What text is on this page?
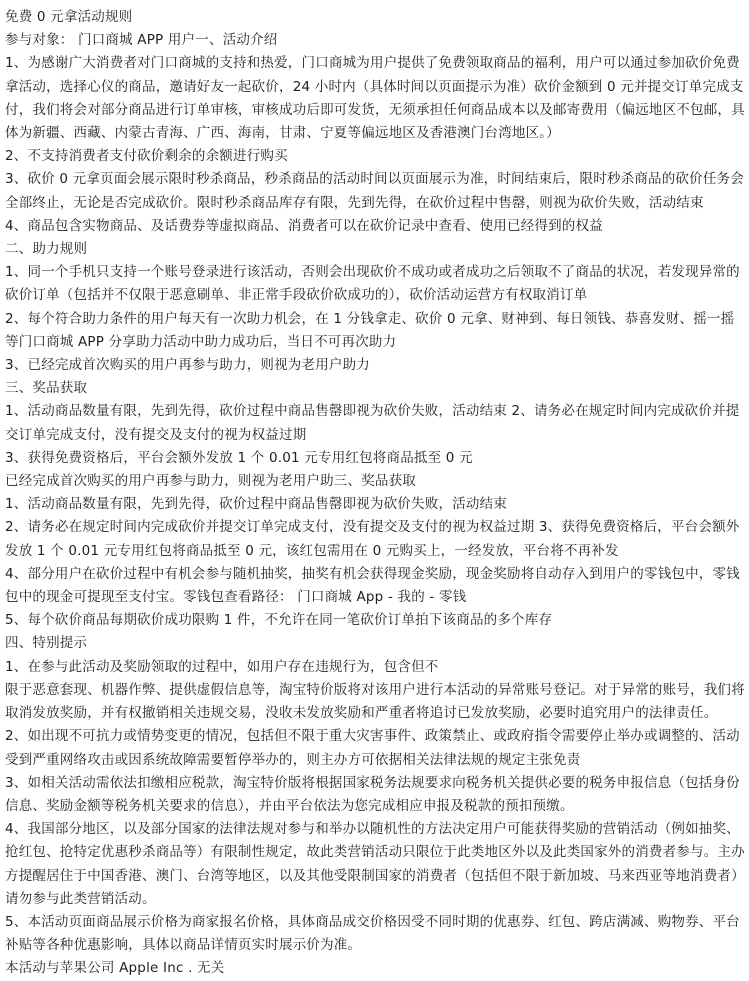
免费 0 元拿活动规则

参与对象： 门口商城 APP 用户一、活动介绍

1、为感谢广大消费者对门口商城的支持和热爱，门口商城为用户提供了免费领取商品的福利，用户可以通过参加砍价免费拿活动，选择心仪的商品，邀请好友一起砍价，24 小时内（具体时间以页面提示为准）砍价金额到 0 元并提交订单完成支付，我们将会对部分商品进行订单审核，审核成功后即可发货，无须承担任何商品成本以及邮寄费用（偏远地区不包邮，具体为新疆、西藏、内蒙古青海、广西、海南，甘肃、宁夏等偏远地区及香港澳门台湾地区。）

2、不支持消费者支付砍价剩余的余额进行购买

3、砍价 0 元拿页面会展示限时秒杀商品，秒杀商品的活动时间以页面展示为准，时间结束后，限时秒杀商品的砍价任务会全部终止，无论是否完成砍价。限时秒杀商品库存有限，先到先得，在砍价过程中售罄，则视为砍价失败，活动结束

4、商品包含实物商品、及话费券等虚拟商品、消费者可以在砍价记录中查看、使用已经得到的权益

二、助力规则

1、同一个手机只支持一个账号登录进行该活动，否则会出现砍价不成功或者成功之后领取不了商品的状况，若发现异常的砍价订单（包括并不仅限于恶意刷单、非正常手段砍价砍成功的），砍价活动运营方有权取消订单

2、每个符合助力条件的用户每天有一次助力机会，在 1 分钱拿走、砍价 0 元拿、财神到、每日领钱、恭喜发财、摇一摇等门口商城 APP 分享助力活动中助力成功后，当日不可再次助力

3、已经完成首次购买的用户再参与助力，则视为老用户助力

三、奖品获取

1、活动商品数量有限，先到先得，砍价过程中商品售罄即视为砍价失败，活动结束 2、请务必在规定时间内完成砍价并提交订单完成支付，没有提交及支付的视为权益过期

3、获得免费资格后，平台会额外发放 1 个 0.01 元专用红包将商品抵至 0 元

已经完成首次购买的用户再参与助力，则视为老用户助三、奖品获取

1、活动商品数量有限，先到先得，砍价过程中商品售罄即视为砍价失败，活动结束

2、请务必在规定时间内完成砍价并提交订单完成支付，没有提交及支付的视为权益过期 3、获得免费资格后，平台会额外发放 1 个 0.01 元专用红包将商品抵至 0 元，该红包需用在 0 元购买上，一经发放，平台将不再补发

4、部分用户在砍价过程中有机会参与随机抽奖，抽奖有机会获得现金奖励，现金奖励将自动存入到用户的零钱包中，零钱包中的现金可提现至支付宝。零钱包查看路径： 门口商城 App - 我的 - 零钱

5、每个砍价商品每期砍价成功限购 1 件，不允许在同一笔砍价订单拍下该商品的多个库存

四、特别提示

1、在参与此活动及奖励领取的过程中，如用户存在违规行为，包含但不

限于恶意套现、机器作弊、提供虚假信息等，淘宝特价版将对该用户进行本活动的异常账号登记。对于异常的账号，我们将取消发放奖励，并有权撤销相关违规交易，没收未发放奖励和严重者将追讨已发放奖励，必要时追究用户的法律责任。

2、如出现不可抗力或情势变更的情况，包括但不限于重大灾害事件、政策禁止、或政府指令需要停止举办或调整的、活动受到严重网络攻击或因系统故障需要暂停举办的，则主办方可依据相关法律法规的规定主张免责

3、如相关活动需依法扣缴相应税款，淘宝特价版将根据国家税务法规要求向税务机关提供必要的税务申报信息（包括身份信息、奖励金额等税务机关要求的信息），并由平台依法为您完成相应申报及税款的预扣预缴。

4、我国部分地区，以及部分国家的法律法规对参与和举办以随机性的方法决定用户可能获得奖励的营销活动（例如抽奖、抢红包、抢特定优惠秒杀商品等）有限制性规定，故此类营销活动只限位于此类地区外以及此类国家外的消费者参与。主办方提醒居住于中国香港、澳门、台湾等地区，以及其他受限制国家的消费者（包括但不限于新加坡、马来西亚等地消费者）请勿参与此类营销活动。

5、本活动页面商品展示价格为商家报名价格，具体商品成交价格因受不同时期的优惠券、红包、跨店满减、购物券、平台补贴等各种优惠影响，具体以商品详情页实时展示价为准。

本活动与苹果公司 Apple Inc . 无关
